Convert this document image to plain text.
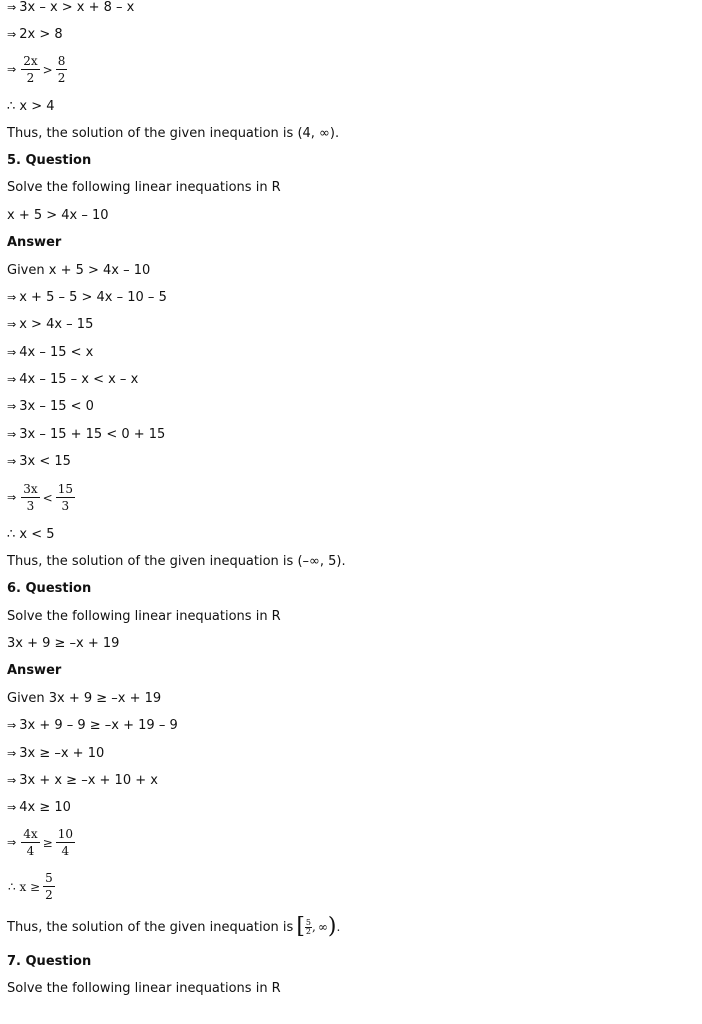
⇒ 3x – x > x + 8 – x
⇒ 2x > 8
⇒ $\frac{2x}{2} > \frac{8}{2}$
∴ x > 4
Thus, the solution of the given inequation is (4, ∞).
5. Question
Solve the following linear inequations in R
x + 5 > 4x – 10
Answer
Given x + 5 > 4x – 10
⇒ x + 5 – 5 > 4x – 10 – 5
⇒ x > 4x – 15
⇒ 4x – 15 < x
⇒ 4x – 15 – x < x – x
⇒ 3x – 15 < 0
⇒ 3x – 15 + 15 < 0 + 15
⇒ 3x < 15
⇒ $\frac{3x}{3} < \frac{15}{3}$
∴ x < 5
Thus, the solution of the given inequation is (–∞, 5).
6. Question
Solve the following linear inequations in R
3x + 9 ≥ –x + 19
Answer
Given 3x + 9 ≥ –x + 19
⇒ 3x + 9 – 9 ≥ –x + 19 – 9
⇒ 3x ≥ –x + 10
⇒ 3x + x ≥ –x + 10 + x
⇒ 4x ≥ 10
⇒ $\frac{4x}{4} \ge \frac{10}{4}$
∴ $x \ge \frac{5}{2}$
Thus, the solution of the given inequation is [ $\frac{5}{2}$ , ∞ ) .
7. Question
Solve the following linear inequations in R
